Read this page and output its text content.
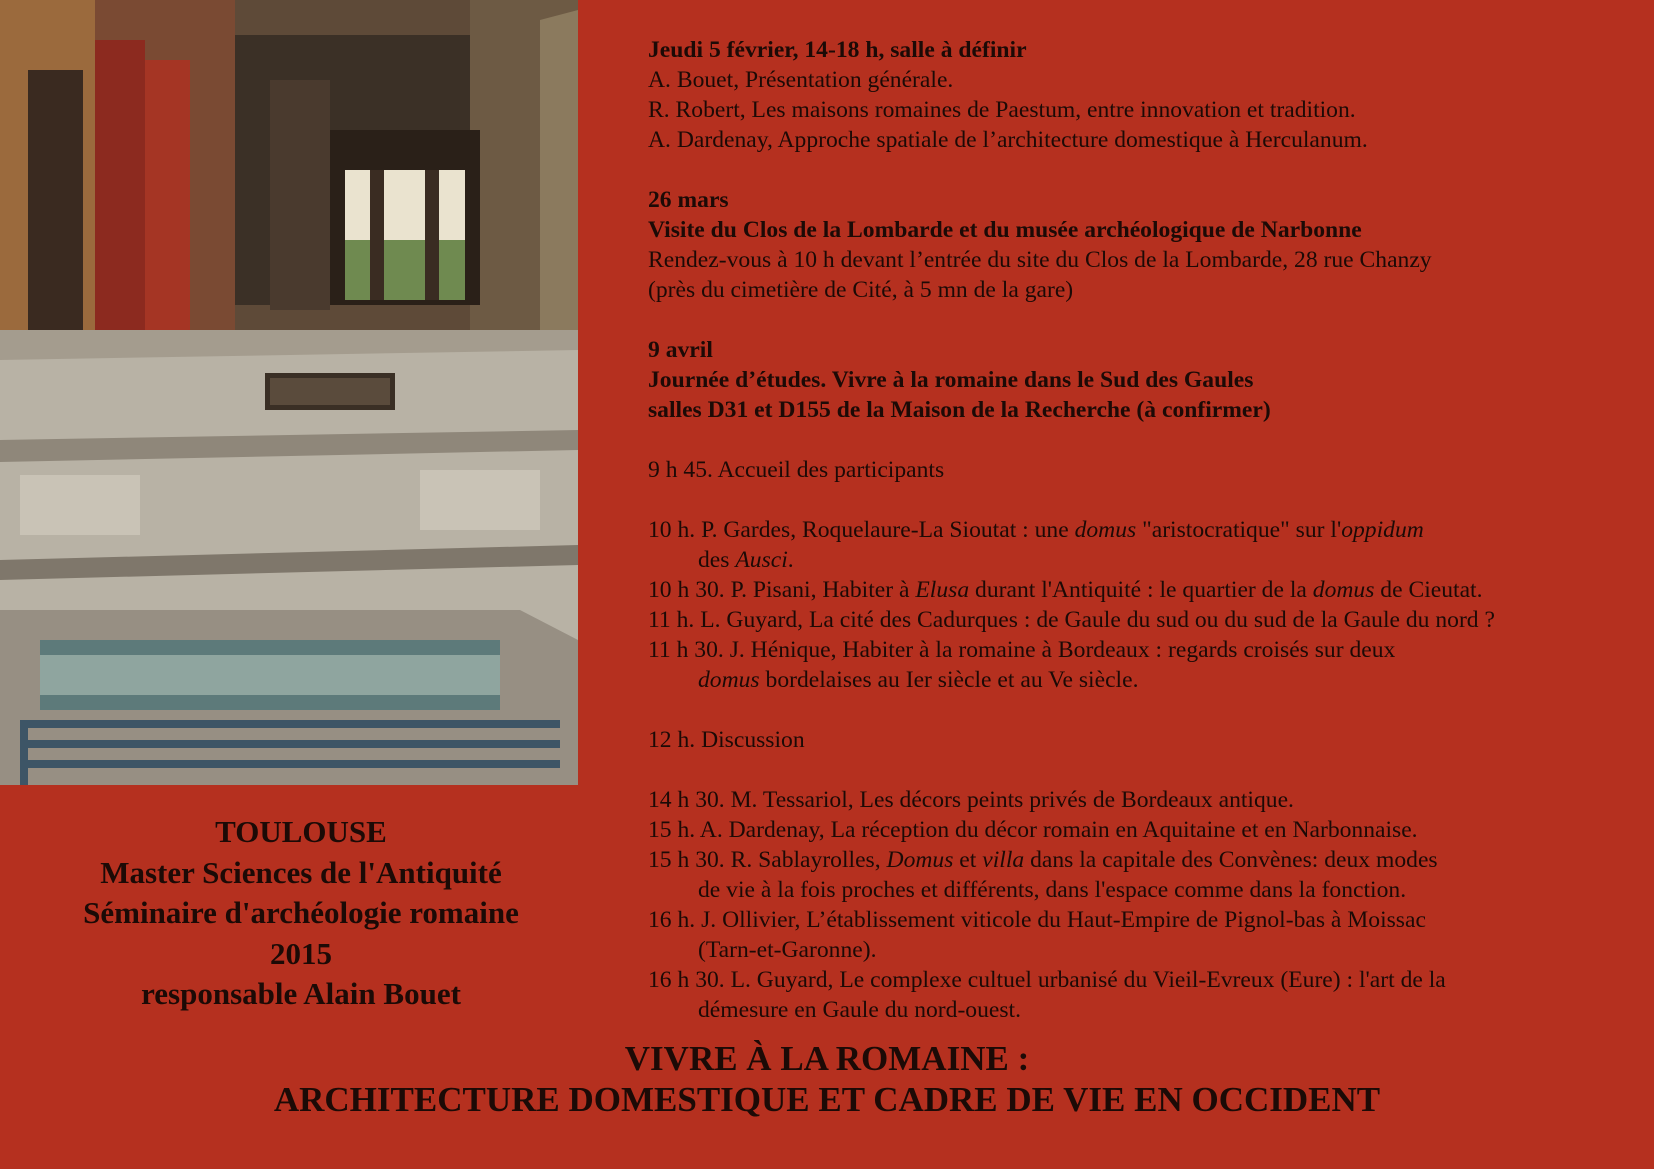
TOULOUSE
Master Sciences de l'Antiquité
Séminaire d'archéologie romaine
2015
responsable Alain Bouet

Jeudi 5 février, 14-18 h, salle à définir

A. Bouet, Présentation générale.

R. Robert, Les maisons romaines de Paestum, entre innovation et tradition.

A. Dardenay, Approche spatiale de l’architecture domestique à Herculanum.

26 mars

Visite du Clos de la Lombarde et du musée archéologique de Narbonne

Rendez-vous à 10 h devant l’entrée du site du Clos de la Lombarde, 28 rue Chanzy

(près du cimetière de Cité, à 5 mn de la gare)

9 avril

Journée d’études. Vivre à la romaine dans le Sud des Gaules

salles D31 et D155 de la Maison de la Recherche (à confirmer)

9 h 45. Accueil des participants

10 h. P. Gardes, Roquelaure-La Sioutat : une domus "aristocratique" sur l'oppidum

des Ausci.

10 h 30. P. Pisani, Habiter à Elusa durant l'Antiquité : le quartier de la domus de Cieutat.

11 h. L. Guyard, La cité des Cadurques : de Gaule du sud ou du sud de la Gaule du nord ?

11 h 30. J. Hénique, Habiter à la romaine à Bordeaux : regards croisés sur deux

domus bordelaises au Ier siècle et au Ve siècle.

12 h. Discussion

14 h 30. M. Tessariol, Les décors peints privés de Bordeaux antique.

15 h. A. Dardenay, La réception du décor romain en Aquitaine et en Narbonnaise.

15 h 30. R. Sablayrolles, Domus et villa dans la capitale des Convènes: deux modes

de vie à la fois proches et différents, dans l'espace comme dans la fonction.

16 h. J. Ollivier, L’établissement viticole du Haut-Empire de Pignol-bas à Moissac

(Tarn-et-Garonne).

16 h 30. L. Guyard, Le complexe cultuel urbanisé du Vieil-Evreux (Eure) : l'art de la

démesure en Gaule du nord-ouest.

VIVRE À LA ROMAINE :
ARCHITECTURE DOMESTIQUE ET CADRE DE VIE EN OCCIDENT
